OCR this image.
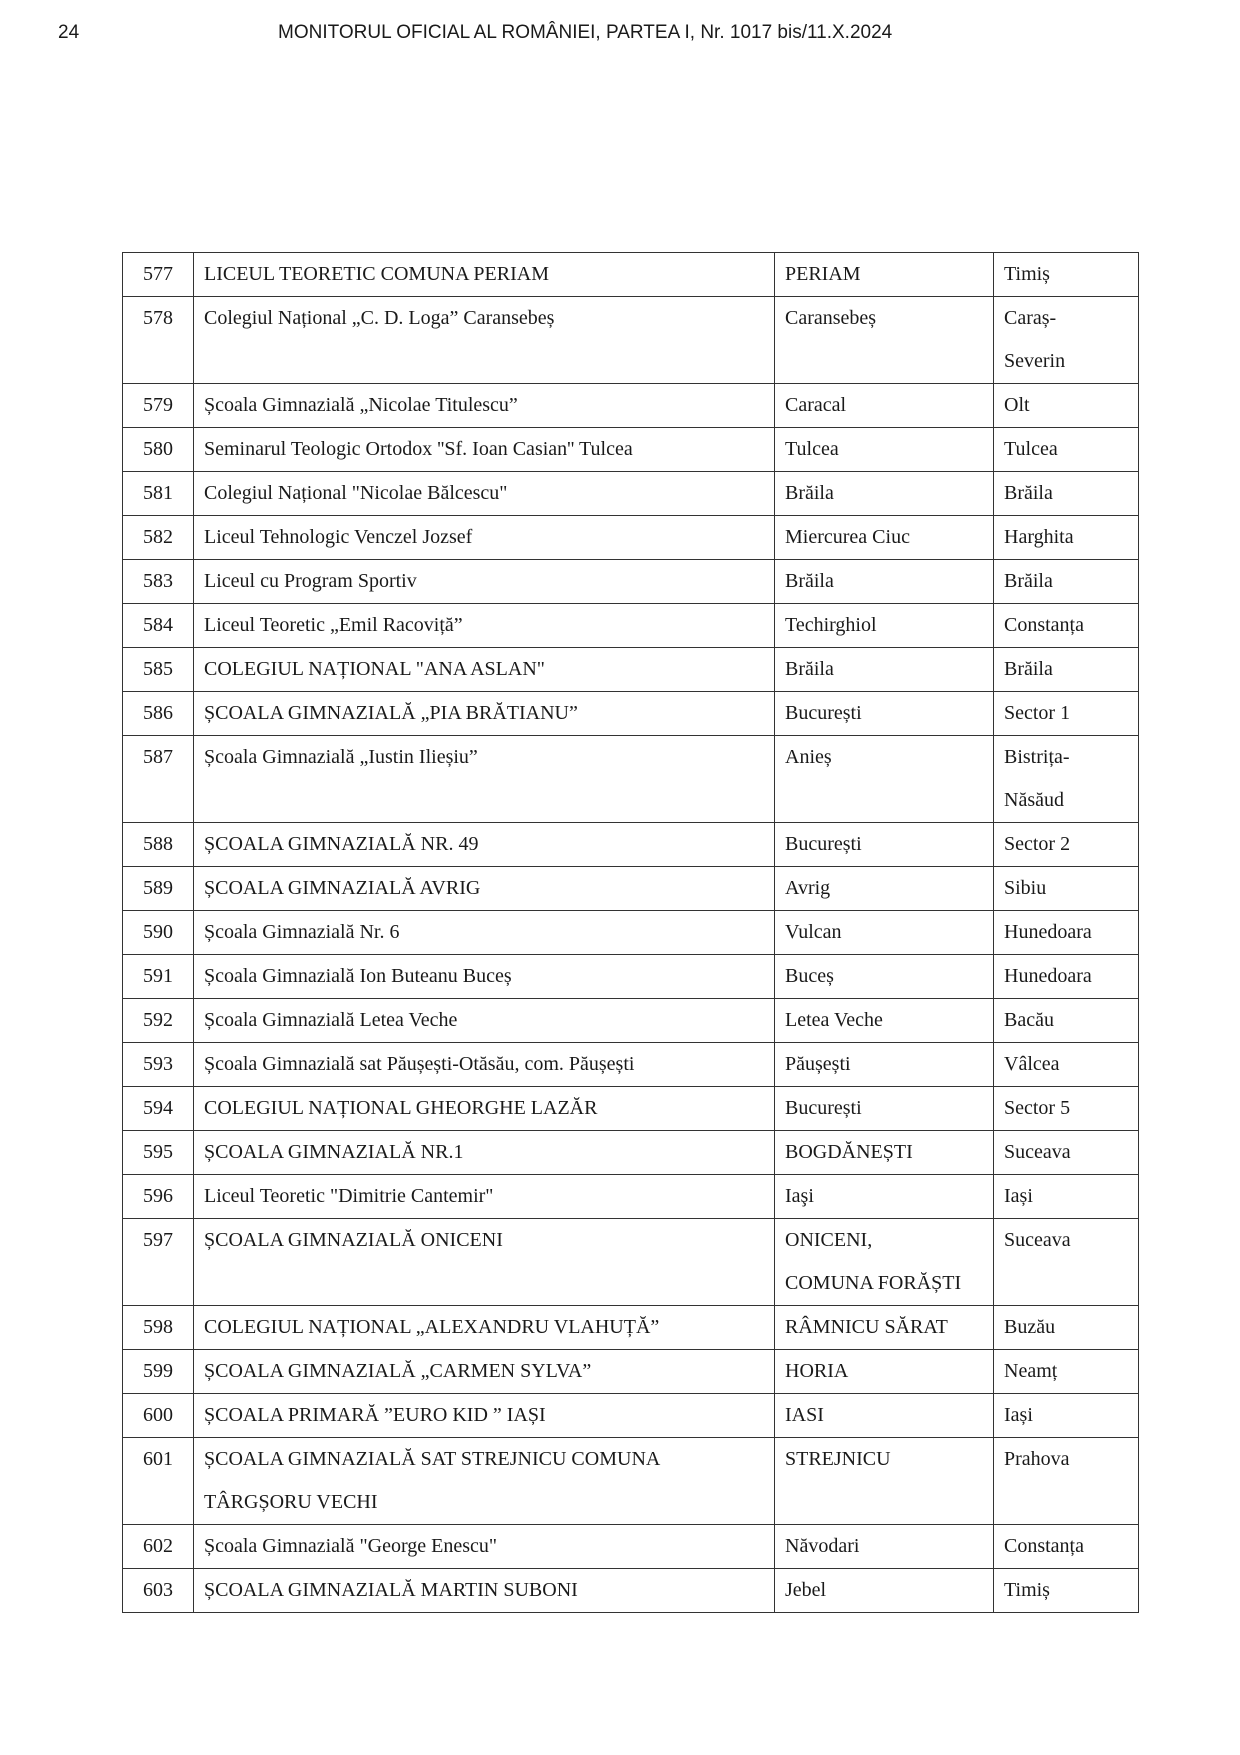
24	MONITORUL OFICIAL AL ROMÂNIEI, PARTEA I, Nr. 1017 bis/11.X.2024
577	LICEUL TEORETIC COMUNA PERIAM	PERIAM	Timiș
578	Colegiul Național „C. D. Loga” Caransebeș	Caransebeș	Caraș-
Severin
579	Școala Gimnazială „Nicolae Titulescu”	Caracal	Olt
580	Seminarul Teologic Ortodox ''Sf. Ioan Casian'' Tulcea	Tulcea	Tulcea
581	Colegiul Național "Nicolae Bălcescu"	Brăila	Brăila
582	Liceul Tehnologic Venczel Jozsef	Miercurea Ciuc	Harghita
583	Liceul cu Program Sportiv	Brăila	Brăila
584	Liceul Teoretic „Emil Racoviță”	Techirghiol	Constanța
585	COLEGIUL NAȚIONAL "ANA ASLAN"	Brăila	Brăila
586	ȘCOALA GIMNAZIALĂ „PIA BRĂTIANU”	București	Sector 1
587	Școala Gimnazială „Iustin Ilieșiu”	Anieș	Bistrița-
Năsăud
588	ȘCOALA GIMNAZIALĂ NR. 49	București	Sector 2
589	ȘCOALA GIMNAZIALĂ AVRIG	Avrig	Sibiu
590	Școala Gimnazială Nr. 6	Vulcan	Hunedoara
591	Școala Gimnazială Ion Buteanu Buceș	Buceș	Hunedoara
592	Școala Gimnazială Letea Veche	Letea Veche	Bacău
593	Școala Gimnazială sat Păușești-Otăsău, com. Păușești	Păușești	Vâlcea
594	COLEGIUL NAȚIONAL GHEORGHE LAZĂR	București	Sector 5
595	ȘCOALA GIMNAZIALĂ NR.1	BOGDĂNEȘTI	Suceava
596	Liceul Teoretic "Dimitrie Cantemir"	Iaşi	Iași
597	ȘCOALA GIMNAZIALĂ ONICENI	ONICENI,
COMUNA FORĂȘTI	Suceava
598	COLEGIUL NAȚIONAL „ALEXANDRU VLAHUȚĂ”	RÂMNICU SĂRAT	Buzău
599	ȘCOALA GIMNAZIALĂ „CARMEN SYLVA”	HORIA	Neamț
600	ȘCOALA PRIMARĂ ”EURO KID ” IAȘI	IASI	Iași
601	ȘCOALA GIMNAZIALĂ SAT STREJNICU COMUNA
TÂRGȘORU VECHI	STREJNICU	Prahova
602	Școala Gimnazială "George Enescu"	Năvodari	Constanța
603	ȘCOALA GIMNAZIALĂ MARTIN SUBONI	Jebel	Timiș
